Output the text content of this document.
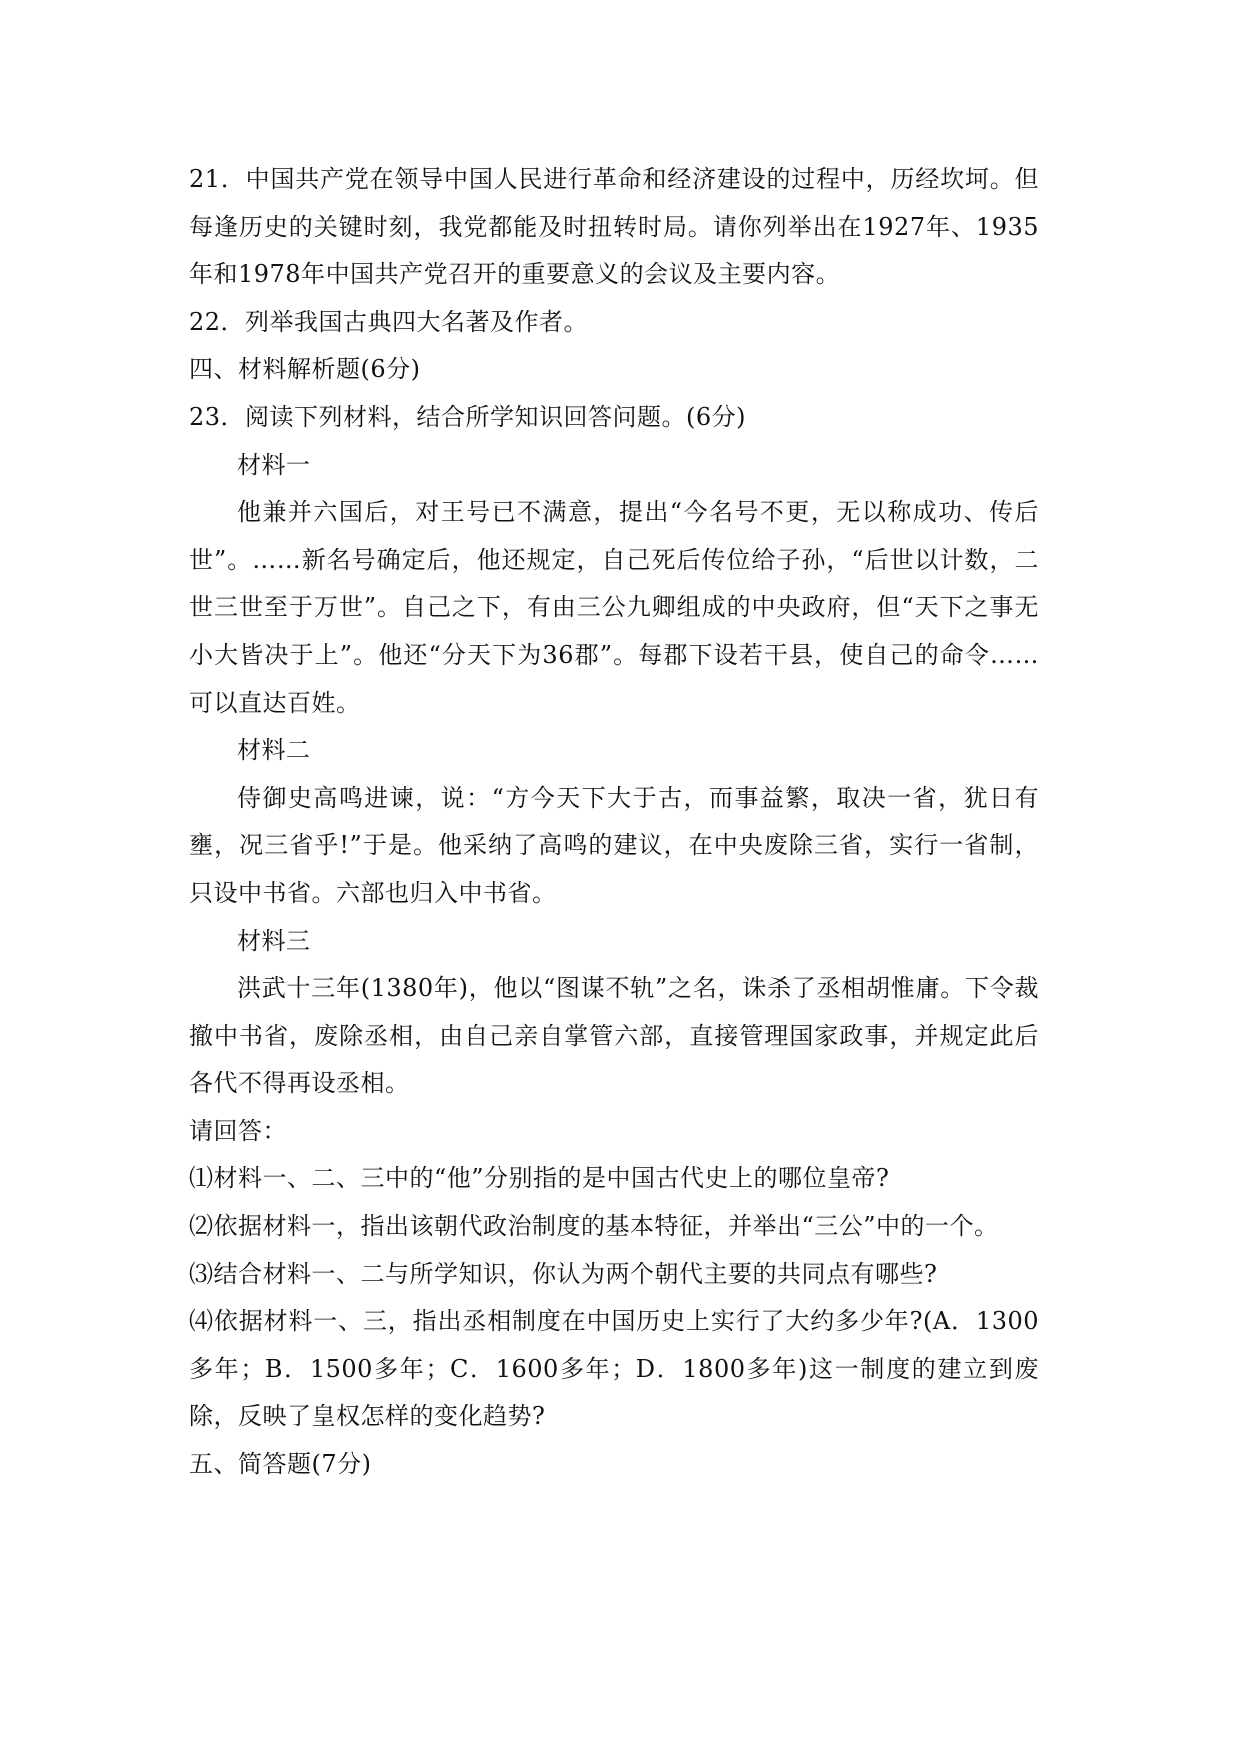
21．中国共产党在领导中国人民进行革命和经济建设的过程中，历经坎坷。但每逢历史的关键时刻，我党都能及时扭转时局。请你列举出在1927年、1935年和1978年中国共产党召开的重要意义的会议及主要内容。

22．列举我国古典四大名著及作者。

四、材料解析题(6分)

23．阅读下列材料，结合所学知识回答问题。(6分)

材料一

他兼并六国后，对王号已不满意，提出“今名号不更，无以称成功、传后世”。……新名号确定后，他还规定，自己死后传位给子孙，“后世以计数，二世三世至于万世”。自己之下，有由三公九卿组成的中央政府，但“天下之事无小大皆决于上”。他还“分天下为36郡”。每郡下设若干县，使自己的命令……可以直达百姓。

材料二

侍御史高鸣进谏，说：“方今天下大于古，而事益繁，取决一省，犹日有壅，况三省乎!”于是。他采纳了高鸣的建议，在中央废除三省，实行一省制，只设中书省。六部也归入中书省。

材料三

洪武十三年(1380年)，他以“图谋不轨”之名，诛杀了丞相胡惟庸。下令裁撤中书省，废除丞相，由自己亲自掌管六部，直接管理国家政事，并规定此后各代不得再设丞相。

请回答：

⑴材料一、二、三中的“他”分别指的是中国古代史上的哪位皇帝?

⑵依据材料一，指出该朝代政治制度的基本特征，并举出“三公”中的一个。

⑶结合材料一、二与所学知识，你认为两个朝代主要的共同点有哪些?

⑷依据材料一、三，指出丞相制度在中国历史上实行了大约多少年?(A．1300多年；B．1500多年；C．1600多年；D．1800多年)这一制度的建立到废除，反映了皇权怎样的变化趋势?

五、简答题(7分)
